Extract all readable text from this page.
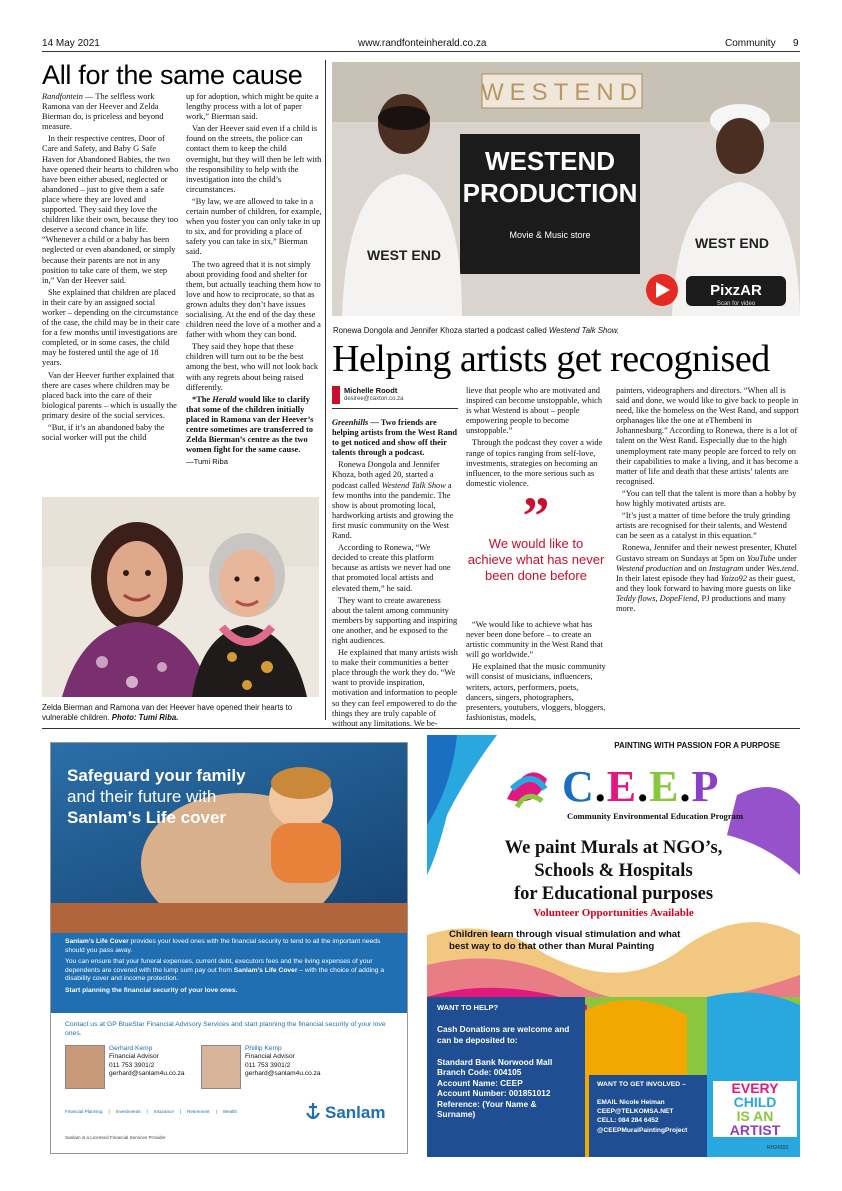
14 May 2021	www.randfonteinherald.co.za	Community 9
All for the same cause

Randfontein — The selfless work Ramona van der Heever and Zelda Bierman do, is priceless and beyond measure.

In their respective centres, Door of Care and Safety, and Baby G Safe Haven for Abandoned Babies, the two have opened their hearts to children who have been either abused, neglected or abandoned – just to give them a safe place where they are loved and supported. They said they love the children like their own, because they too deserve a second chance in life. “Whenever a child or a baby has been neglected or even abandoned, or simply because their parents are not in any position to take care of them, we step in,” Van der Heever said.

She explained that children are placed in their care by an assigned social worker – depending on the circumstance of the case, the child may be in their care for a few months until investigations are completed, or in some cases, the child may be fostered until the age of 18 years.

Van der Heever further explained that there are cases where children may be placed back into the care of their biological parents – which is usually the primary desire of the social services.

“But, if it’s an abandoned baby the social worker will put the child

up for adoption, which might be quite a lengthy process with a lot of paper work,” Bierman said.

Van der Heever said even if a child is found on the streets, the police can contact them to keep the child overnight, but they will then be left with the responsibility to help with the investigation into the child’s circumstances.

“By law, we are allowed to take in a certain number of children, for example, when you foster you can only take in up to six, and for providing a place of safety you can take in six,” Bierman said.

The two agreed that it is not simply about providing food and shelter for them, but actually teaching them how to love and how to reciprocate, so that as grown adults they don’t have issues socialising. At the end of the day these children need the love of a mother and a father with whom they can bond.

They said they hope that these children will turn out to be the best among the best, who will not look back with any regrets about being raised differently.

*The Herald would like to clarify that some of the children initially placed in Ramona van der Heever’s centre sometimes are transferred to Zelda Bierman’s centre as the two women fight for the same cause.

—Tumi Riba

Zelda Bierman and Ramona van der Heever have opened their hearts to vulnerable children. Photo: Tumi Riba.
WESTEND
WESTEND
PRODUCTION
Movie & Music store
WEST END
WEST END
PixzAR
Scan for video
Ronewa Dongola and Jennifer Khoza started a podcast called Westend Talk Show.
Helping artists get recognised
Michelle Roodt
desiree@caxton.co.za

Greenhills — Two friends are helping artists from the West Rand to get noticed and show off their talents through a podcast.

Ronewa Dongola and Jennifer Khoza, both aged 20, started a podcast called Westend Talk Show a few months into the pandemic. The show is about promoting local, hardworking artists and growing the first music community on the West Rand.

According to Ronewa, “We decided to create this platform because as artists we never had one that promoted local artists and elevated them,” he said.

They want to create awareness about the talent among community members by supporting and inspiring one another, and be exposed to the right audiences.

He explained that many artists wish to make their communities a better place through the work they do. “We want to provide inspiration, motivation and information to people so they can feel empowered to do the things they are truly capable of without any limitations. We be-

lieve that people who are motivated and inspired can become unstoppable, which is what Westend is about – people empowering people to become unstoppable.”

Through the podcast they cover a wide range of topics ranging from self-love, investments, strategies on becoming an influencer, to the more serious such as domestic violence.

”
We would like to achieve what has never been done before

“We would like to achieve what has never been done before – to create an artistic community in the West Rand that will go worldwide.”

He explained that the music community will consist of musicians, influencers, writers, actors, performers, poets, dancers, singers, photographers, presenters, youtubers, vloggers, bloggers, fashionistas, models,

painters, videographers and directors. “When all is said and done, we would like to give back to people in need, like the homeless on the West Rand, and support orphanages like the one at eThembeni in Johannesburg.” According to Ronewa, there is a lot of talent on the West Rand. Especially due to the high unemployment rate many people are forced to rely on their capabilities to make a living, and it has become a matter of life and death that these artists’ talents are recognised.

“You can tell that the talent is more than a hobby by how highly motivated artists are.

“It’s just a matter of time before the truly grinding artists are recognised for their talents, and Westend can be seen as a catalyst in this equation.”

Ronewa, Jennifer and their newest presenter, Khutel Gustavo stream on Sundays at 5pm on YouTube under Westend production and on Instagram under Wes.tend. In their latest episode they had Yaizo92 as their guest, and they look forward to having more guests on like Teddy flows, DopeFiend, PJ productions and many more.

Safeguard your family
and their future with
Sanlam’s Life cover
Sanlam’s Life Cover provides your loved ones with the financial security to tend to all the important needs should you pass away.
You can ensure that your funeral expenses, current debt, executors fees and the living expenses of your dependents are covered with the lump sum pay out from Sanlam’s Life Cover – with the choice of adding a disability cover and income protection.
Start planning the financial security of your love ones.
Contact us at GP BlueStar Financial Advisory Services and start planning the financial security of your love ones.
Gerhard Kemp
Financial Advisor
011 753 3901/2
gerhard@sanlam4u.co.za
Phillip Kemp
Financial Advisor
011 753 3901/2
gerhard@sanlam4u.co.za
Financial Planning | Investments | Insurance | Retirement | Wealth	Sanlam
Sanlam is a Licensed Financial Services Provider
PAINTING WITH PASSION FOR A PURPOSE
C.E.E.P
Community Environmental Education Program
We paint Murals at NGO’s,
Schools & Hospitals
for Educational purposes
Volunteer Opportunities Available
Children learn through visual stimulation and what best way to do that other than Mural Painting
WANT TO HELP?
Cash Donations are welcome and can be deposited to:
Standard Bank Norwood Mall
Branch Code: 004105
Account Name: CEEP
Account Number: 001851012
Reference: (Your Name &
Surname)
WANT TO GET INVOLVED –
EMAIL Nicole Heiman
CEEP@TELKOMSA.NET
CELL: 084 284 6452
@CEEPMuralPaintingProject
EVERY
CHILD
IS AN
ARTIST
RH24303
